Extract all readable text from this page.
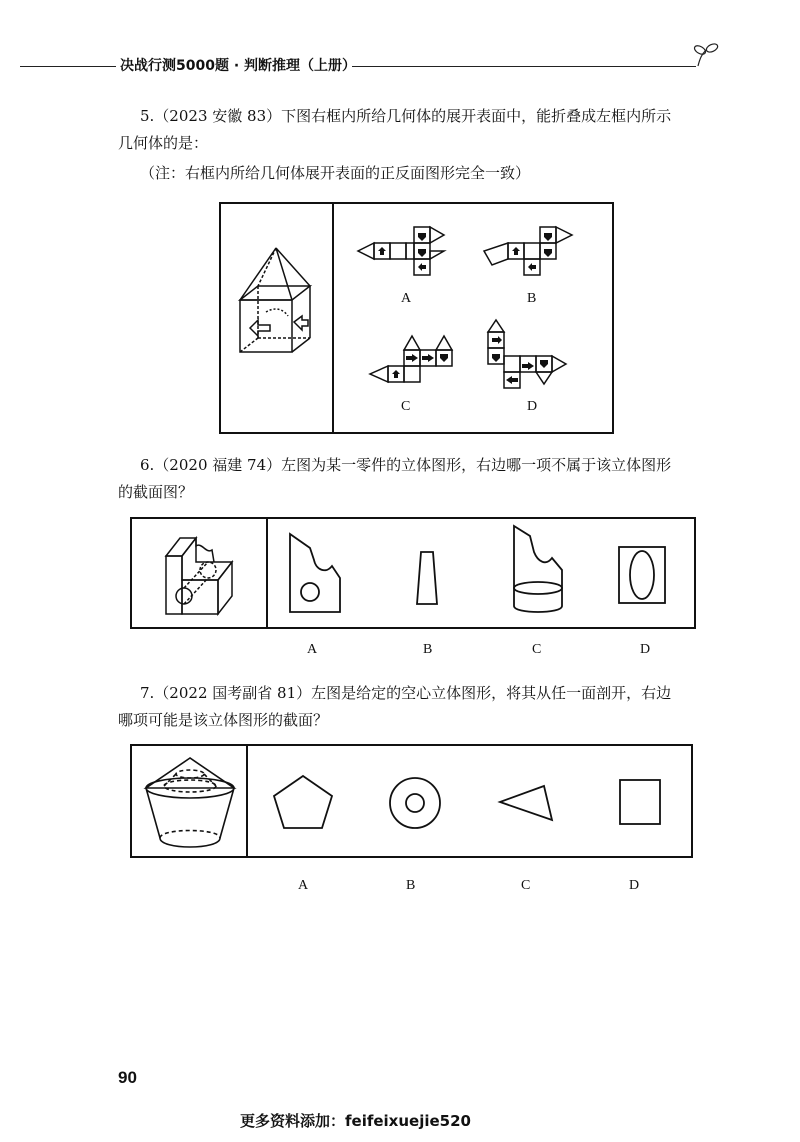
决战行测5000题 · 判断推理（上册）
5.（2023 安徽 83）下图右框内所给几何体的展开表面中，能折叠成左框内所示
几何体的是：
（注：右框内所给几何体展开表面的正反面图形完全一致）
A	B
C	D
6.（2020 福建 74）左图为某一零件的立体图形，右边哪一项不属于该立体图形
的截面图？
A	B	C	D
7.（2022 国考副省 81）左图是给定的空心立体图形，将其从任一面剖开，右边
哪项可能是该立体图形的截面？
A	B	C	D
90
更多资料添加：feifeixuejie520
